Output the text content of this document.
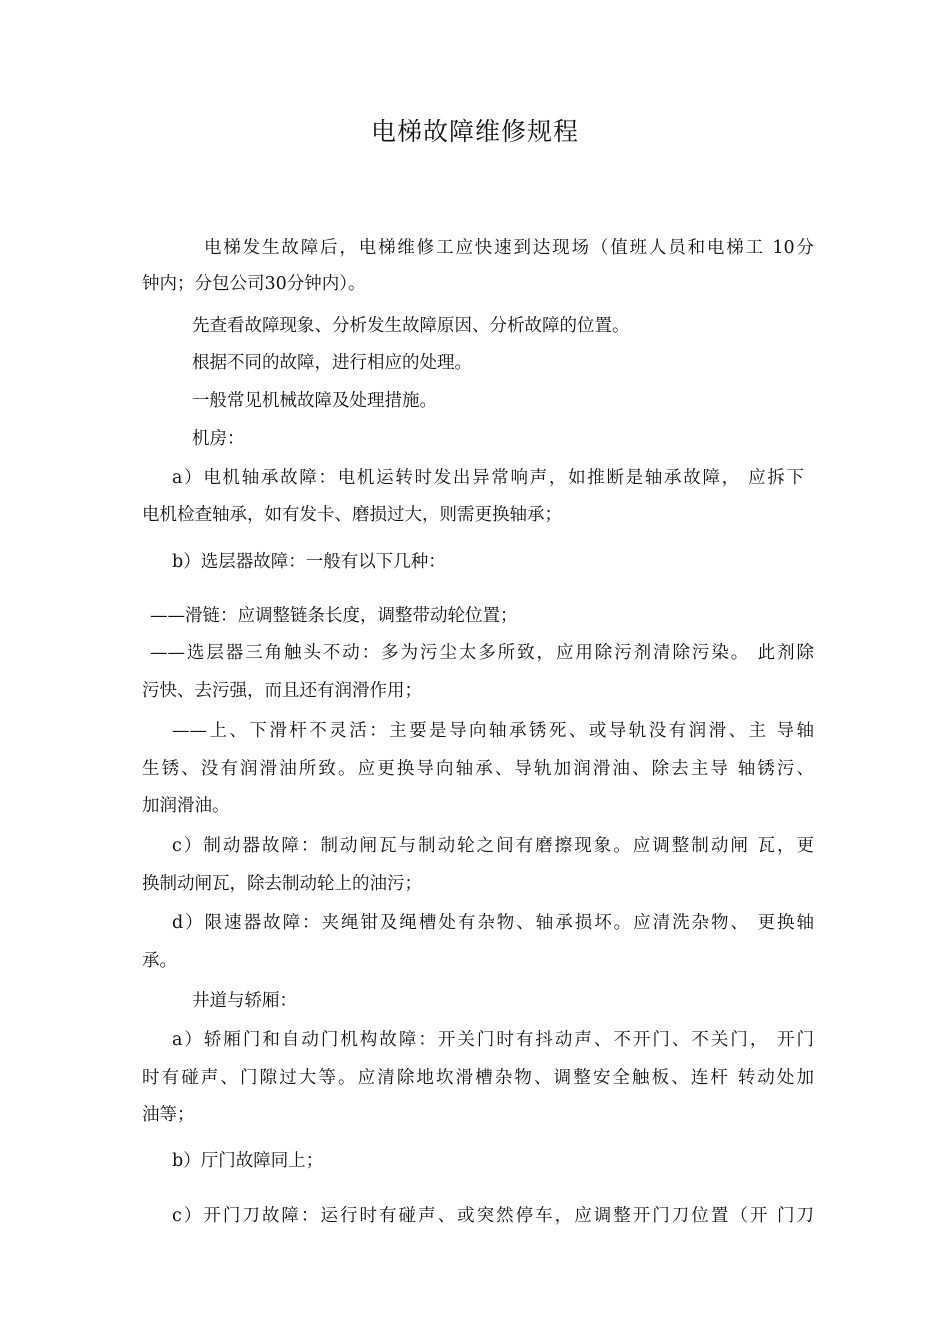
电梯故障维修规程
电梯发生故障后，电梯维修工应快速到达现场（值班人员和电梯工 10分
钟内；分包公司30分钟内）。
先查看故障现象、分析发生故障原因、分析故障的位置。
根据不同的故障，进行相应的处理。
一般常见机械故障及处理措施。
机房：
a）电机轴承故障：电机运转时发出异常响声，如推断是轴承故障， 应拆下
电机检查轴承，如有发卡、磨损过大，则需更换轴承；
b）选层器故障：一般有以下几种：
——滑链：应调整链条长度，调整带动轮位置；
——选层器三角触头不动：多为污尘太多所致，应用除污剂清除污染。 此剂除
污快、去污强，而且还有润滑作用；
——上、下滑杆不灵活：主要是导向轴承锈死、或导轨没有润滑、主 导轴
生锈、没有润滑油所致。应更换导向轴承、导轨加润滑油、除去主导 轴锈污、
加润滑油。
c）制动器故障：制动闸瓦与制动轮之间有磨擦现象。应调整制动闸 瓦，更
换制动闸瓦，除去制动轮上的油污；
d）限速器故障：夹绳钳及绳槽处有杂物、轴承损坏。应清洗杂物、 更换轴
承。
井道与轿厢：
a）轿厢门和自动门机构故障：开关门时有抖动声、不开门、不关门， 开门
时有碰声、门隙过大等。应清除地坎滑槽杂物、调整安全触板、连杆 转动处加
油等；
b）厅门故障同上；
c）开门刀故障：运行时有碰声、或突然停车，应调整开门刀位置（开 门刀
